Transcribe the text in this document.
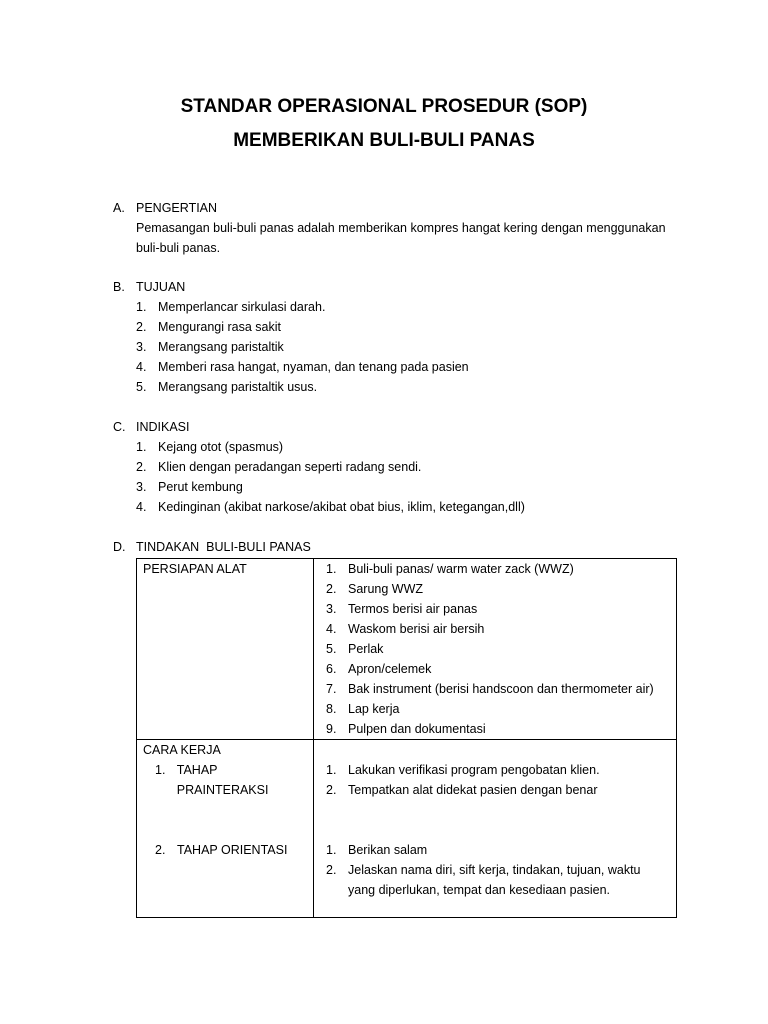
STANDAR OPERASIONAL PROSEDUR (SOP)
MEMBERIKAN BULI-BULI PANAS
A. PENGERTIAN
Pemasangan buli-buli panas adalah memberikan kompres hangat kering dengan menggunakan buli-buli panas.
B. TUJUAN
1. Memperlancar sirkulasi darah.
2. Mengurangi rasa sakit
3. Merangsang paristaltik
4. Memberi rasa hangat, nyaman, dan tenang pada pasien
5. Merangsang paristaltik usus.
C. INDIKASI
1. Kejang otot (spasmus)
2. Klien dengan peradangan seperti radang sendi.
3. Perut kembung
4. Kedinginan (akibat narkose/akibat obat bius, iklim, ketegangan,dll)
D. TINDAKAN  BULI-BULI PANAS
PERSIAPAN ALAT	1. Buli-buli panas/ warm water zack (WWZ)
2. Sarung WWZ
3. Termos berisi air panas
4. Waskom berisi air bersih
5. Perlak
6. Apron/celemek
7. Bak instrument (berisi handscoon dan thermometer air)
8. Lap kerja
9. Pulpen dan dokumentasi
CARA KERJA
1. TAHAP PRAINTERAKSI
2. TAHAP ORIENTASI
1. Lakukan verifikasi program pengobatan klien.
2. Tempatkan alat didekat pasien dengan benar
1. Berikan salam
2. Jelaskan nama diri, sift kerja, tindakan, tujuan, waktu yang diperlukan, tempat dan kesediaan pasien.
